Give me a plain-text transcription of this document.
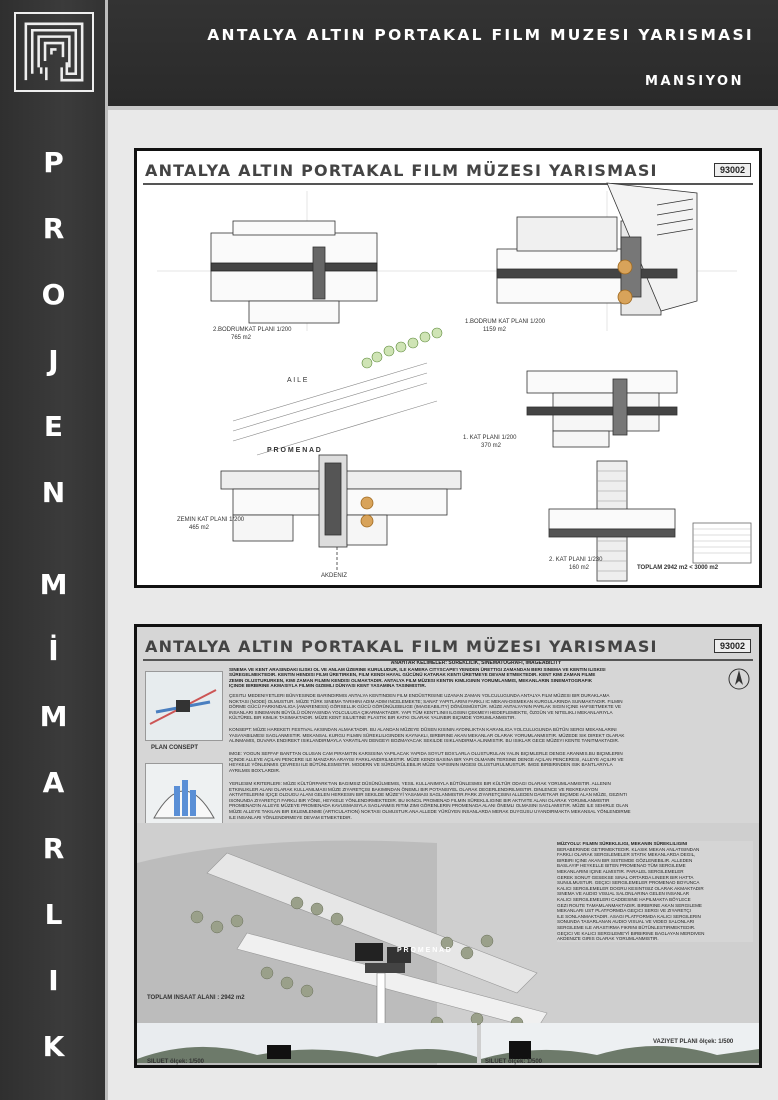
P
R
O
J
E
N
M
İ
M
A
R
L
I
K
ANTALYA ALTIN PORTAKAL FILM MUZESI YARISMASI
MANSIYON
ANTALYA ALTIN PORTAKAL FILM MÜZESI YARISMASI	93002
2.BODRUMKAT PLANI 1/200
765 m2
1.BODRUM KAT PLANI 1/200
1159 m2
1. KAT PLANI 1/200
370 m2
ZEMIN KAT PLANI 1/200
465 m2
2. KAT PLANI 1/230
160 m2
P R O M E N A D
AKDENIZ
A I L E
TOPLAM 2942 m2 < 3000 m2
ANTALYA ALTIN PORTAKAL FILM MÜZESI YARISMASI	93002
PLAN CONSEPT
ANAHTAR KELIMELER: SÜREKLILIK, SINEMATOGRAFI, IMAGEABILITY
SINEMA VE KENT ARASINDAKI ILISKI OL VE ANLAM ÜZERINE KURULUDUR, ILE KAMERA CITYSCAPE'I YENIDEN ÜRETTIGI ZAMANDAN BERI SINEMA VE KENTIN ILISKISI
SÜREGELMEKTEDIR. KENTIN HENDISI FILMI ÜRETIRKEN, FILM KENDI HAYAL GÜCÜNÜ KATARAK KENTI ÜRETMEYE DEVAM ETMEKTEDIR. KENT KIMI ZAMAN FILME
ZEMIN OLUSTURURKEN, KIMI ZAMAN FILMIN KENDISI OLMAKTADIR. ANTALYA FILM MÜZESI KENTIN KIMLIGININ YORUMLANMIS, MEKANLARIN SINEMATOGRAFIK
IÇINDE BIRBIRINE AKMASIYLA FILMIN GIZEMLI DÜNYASI KENT YASAMINA TASINMISTIR.
ÇESITLI MEDENIYETLERI BÜNYESINDE BARINDIRMIS ANTALYA KENTINDEN FILM ENDÜSTRISINE UZANAN ZAMAN YOLCULUGUNDA ANTALYA FILM MÜZESI BIR DURAKLAMA
NOKTASI (NODE) OLMUSTUR. MÜZE TÜRK SINEMA TARIHINI ADIM ADIM INCELEMEKTE; SANAT YAPITLARINI FARKLI IC MEKAN-DISMEKAN KURGULARINDA SUNMAKTADIR. FILMIN
DÖRME GÜCÜ FARKINDALIGA (AWARENESS) GÖRSELLIK GÜCÜ GÖRÜNÜLEBILIGE (IMAGEABILITY) DÖNÜSMÜSTÜR. MÜZE ANTALYA'NIN PARLAK SIGIN IÇINE HAFSETMEKTE VE
INSANLARI SINEMANIN BÜYÜLÜ DÜNYASINDA YOLCULUGA ÇIKARMAKTADIR. YAPI TÜM KENT'LINIII ILGISINI ÇEKMEYI HEDEFLEMEKTE, ÖZGÜN VE NITELIKLI MEKANLARIYLA
KÜLTÜREL BIR KIMLIK TASIMAKTADIR. MÜZE KENT SILUETINE PLASTIK BIR KATKI OLARAK YALINBIR BIÇIMDE YORUMLANMISTIR.
KONSEPT: MÜZE HAREKETI FESTIVAL AKSINDAN ALMAKTADIR. BU ALANDAN MÜZEYE DÜSEN KISININ AYDINLIKTAN KARANLIGA YOLCULUGUNDA BÜTÜN SERGI MEKANLARINI
YASAYABILMESI SAGLANMISTIR. MEKANSAL KURGU FILMIN SÜREKLILIGINDEN KAYNAKLI, BIRBIRINE AKAN MEKANLAR OLARAK YORUMLANMISTIR. MÜZEDE SIK DIREKT OLARAK
ALINMAMIS, DUVARA ENDIREKT ISIKLANDIRMAYLA YARATILAN DENGEYI BOZMAYACAK SEKILDE ISIKLANDIRMA ALINMISTIR. BU ISIKLAR GECE MÜZEYI KENTE TANITMAKTADIR.
IMGE: YOGUN SEFFAF BANTTAN OLUSAN CAM PIRAMITIN KARSISINA YAPILACAK YAPIDA SOYUT BOX'LARLA OLUSTURULAN YALIN BIÇIMLERLE DENGE ARANMIS.BU BIÇIMLERIN
IÇINDE ALLEYE AÇILAN PENCERE ILE MANZARA ARAYISI FARKLANDIRILMISTIR. MÜZE KENDI BASINA BIR YAPI OLMANIN TERSINE DENGE AÇILAN PENCERESI, ALLEYE AÇILIRI VE
HEYKELE YÖNLENMIS ÇEVRESI ILE BÜTÜNLESMISTIR. MODERN VE SÜRDÜRÜLEBILIR MÜZE YAPISININ IMGESI OLUSTURULMUSTUR. IMGE BIRBIRINDEN ISIK BANTLARIYLA
AYRILMIS BOX'LARDIR.
YERLESIM KRITERLERI: MÜZE KÜLTÜRPARK'TAN BAGIMSIZ DÜSÜNÜLMEMIS, YESIL KULLANIMIYLA BÜTÜNLESMIS BIR KÜLTÜR ODAGI OLARAK YORUMLANMISTIR. ALLENIN
ETKINLIKLER ALANI OLARAK KULLANILMASI MÜZE ZIYARETÇISI BAKIMINDAN ÖNEMLI BIR POTANSIYEL OLARAK DEGERLENDIRILMISTIR. DINLENCE VE REKREASYON
AKTIVITELERINI IÇIÇE OLDUGU ALANI GELEN HERKESIN BIR SEKILDE MÜZE'Yİ YASAMASI SAGLANMISTIR.PARK ZIYARETÇISINI ALLEDEN DAVETKAR BIÇIMDE ALAN MÜZE, GEZINTI
ISONUNDA ZIYARETÇI'I FARKLI BIR YÖNE, HEYKELE YÖNLENDIRMEKTEDIR. BU IKINCIL PROMENAD FILMIN SÜREKLILIGINE BIR AKTIVITE ALANI OLARAK YORUMLANMISTIR
PROMENAD'IN ALLEYE MÜZEYE PROMENADA KAVUSMASIYLA SAGLANMIS RITIM ZIMI GÖRENLERIN PROMENADA ALANI ÖNEMLI OLMASINI SAGLAMISTIR. MÜZE ILE SEHIRLE OLAN
MÜZE ALLEYE TAKILAN BIR EKLEMLENME (ARTICULATION) NOKTASI OLMUSTUR.ANA ALLEDE YÜRÜYEN INSANLARDA MERAK DUYGUSU UYANDIRMAKTA MEKANSAL YÖNLENDIRME
ILE INSANLARI YÖNLENDIRMEYE DEVAM ETMEKTEDIR.
MÜZYOLU: FILMIN SÜREKLILIGI, MEKANIN SÜREKLILIGINI
BERABERINDE GETIRMEKTEDIR. KLASIK MEKAN ANLATISINDAN
FARKLI OLARAK SERGILEMELER STATIK MEKANLARDA DEGIL,
BIRBIRI IÇINE AKAN BIR SISTEMDE GÖZLENEBILIR. ALLEDEN
BASLAYIP HEYKELLE BITEN PROMENAD TÜM SERGILEME
MEKANLARINI IÇINE ALMISTIR. PARALEL SERGILEMELER
GEREK SONUT GESEKSE SINAL ORTARDA LINEER BIR HATTA
SUNULMUSTUR. GEÇICI SERGILEMELER PROMENAD BOYUNCA
KALICI SERGILEMELER DOGRU KESINTISIZ OLARAK AKMAKTADIR
SINEMA VE AUDIO VISUAL SALONLARINA GELEN INSANLAR
KALICI SERGILEMELERI CADDESINE HAPILMAKTA BÖYLECE
GEZI ROUTE TAMAMLANMAKTADIR. BIRBIRINE AKAN SERGILEME
MEKANLARI UST PLATFORMDA GEÇICI SERGI VE ZIYARETÇI
ILE SONLANMAKTADIR. ASAGI PLATFORMDA KALICI SERGILERIN
SONUNDA TASARLANAN AUDIO VISUAL VE VIDEO SALONLARI
SERGILEME ILE ARASTIRMA FIKRINI BÜTÜNLESTIRMEKTEDIR.
GEÇICI VE KALICI SERGILEME'Yİ BIRBIRINE BAGLAYAN MERDIVEN
AKDENIZ'E GIRIS OLARAK YORUMLANMISTIR.
P R O M E N A D
TOPLAM INSAAT ALANI : 2942 m2
SILUET ölçek: 1/500	SILUET ölçek: 1/500
VAZIYET PLANI ölçek: 1/500
